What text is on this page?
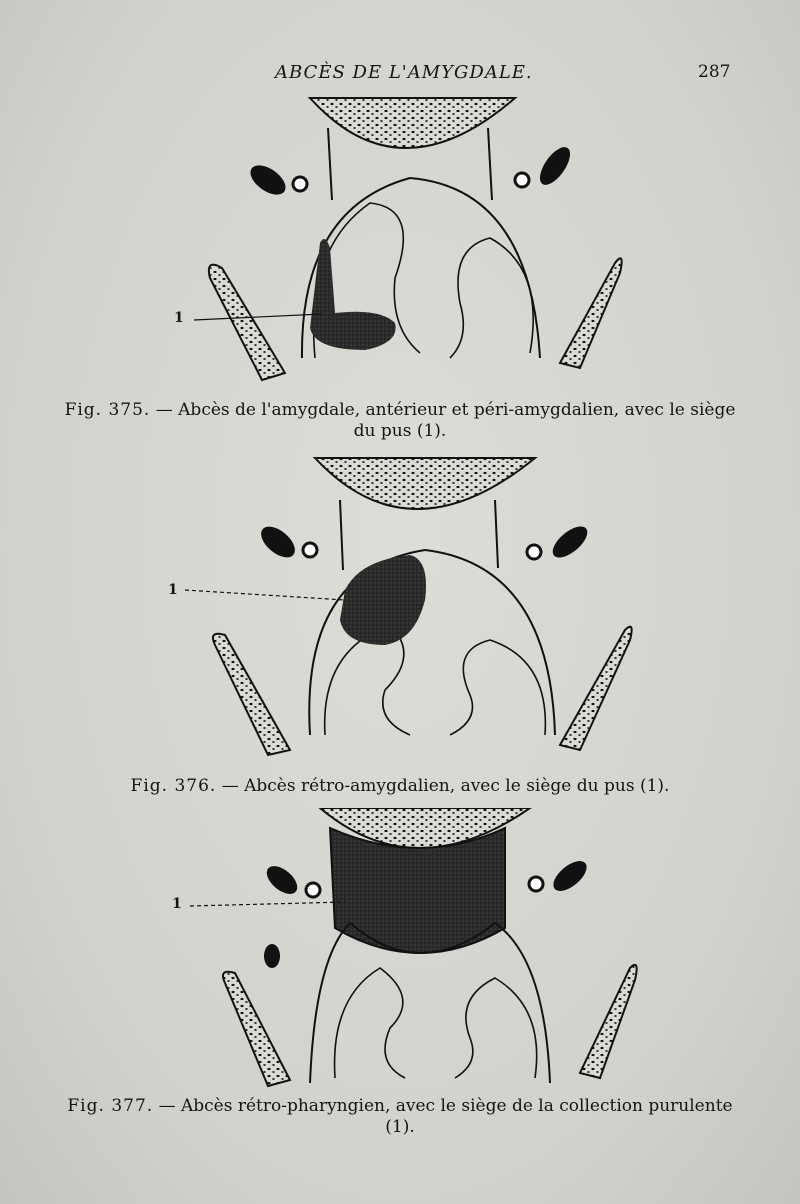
ABCÈS DE L'AMYGDALE.	287
1
Fig. 375. — Abcès de l'amygdale, antérieur et péri-amygdalien, avec le siège du pus (1).
1
Fig. 376. — Abcès rétro-amygdalien, avec le siège du pus (1).
1
Fig. 377. — Abcès rétro-pharyngien, avec le siège de la collection purulente (1).
